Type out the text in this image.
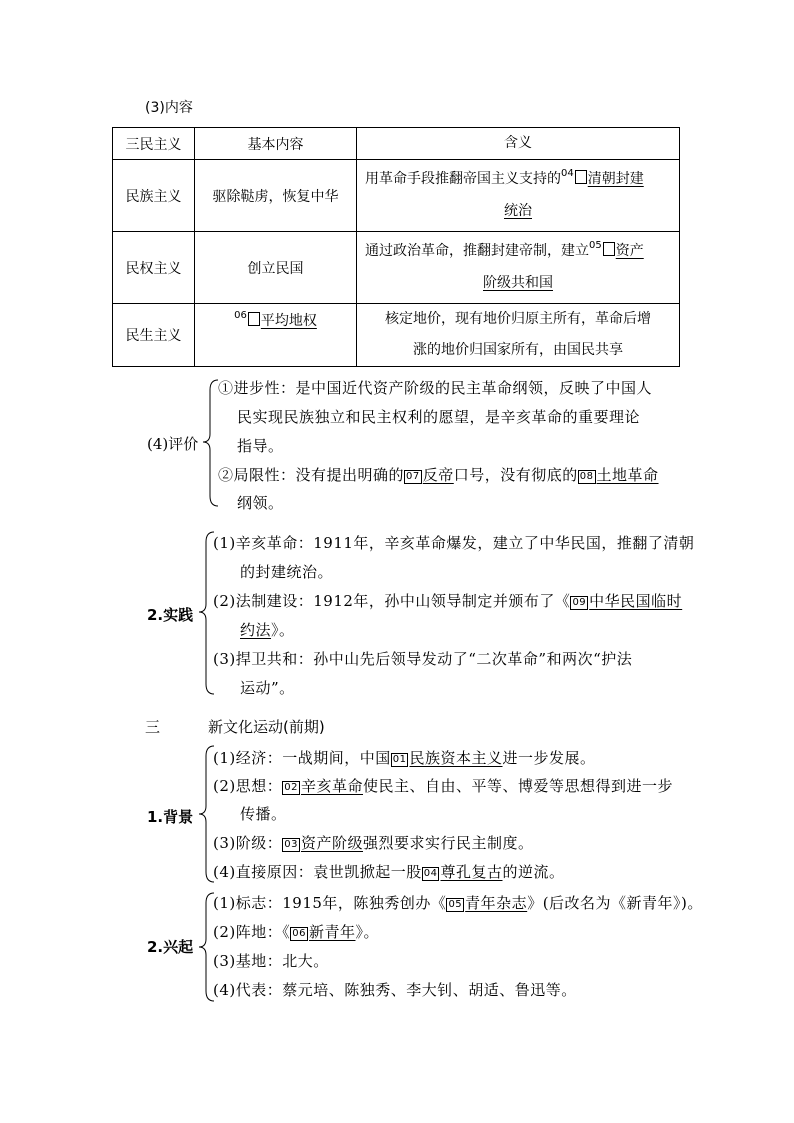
(3)内容
三民主义	基本内容	含义
民族主义	驱除鞑虏，恢复中华	用革命手段推翻帝国主义支持的$^{04}$ 清朝封建

统治

民权主义	创立民国	通过政治革命，推翻封建帝制，建立$^{05}$ 资产

阶级共和国

民生主义	$^{06}$ 平均地权	核定地价，现有地价归原主所有，革命后增
涨的地价归国家所有，由国民共享
(4)评价
①进步性：是中国近代资产阶级的民主革命纲领，反映了中国人
民实现民族独立和民主权利的愿望，是辛亥革命的重要理论
指导。
②局限性：没有提出明确的 07 反帝口号，没有彻底的 08 土地革命
纲领。
2.实践
(1)辛亥革命：1911年，辛亥革命爆发，建立了中华民国，推翻了清朝
的封建统治。
(2)法制建设：1912年，孙中山领导制定并颁布了《 09 中华民国临时
约法》。
(3)捍卫共和：孙中山先后领导发动了“二次革命”和两次“护法
运动”。
三	新文化运动(前期)
1.背景
(1)经济：一战期间，中国 01 民族资本主义进一步发展。
(2)思想： 02 辛亥革命使民主、自由、平等、博爱等思想得到进一步
传播。
(3)阶级： 03 资产阶级强烈要求实行民主制度。
(4)直接原因：袁世凯掀起一股 04 尊孔复古的逆流。
2.兴起
(1)标志：1915年，陈独秀创办《 05 青年杂志》(后改名为《新青年》)。
(2)阵地：《 06 新青年》。
(3)基地：北大。
(4)代表：蔡元培、陈独秀、李大钊、胡适、鲁迅等。
